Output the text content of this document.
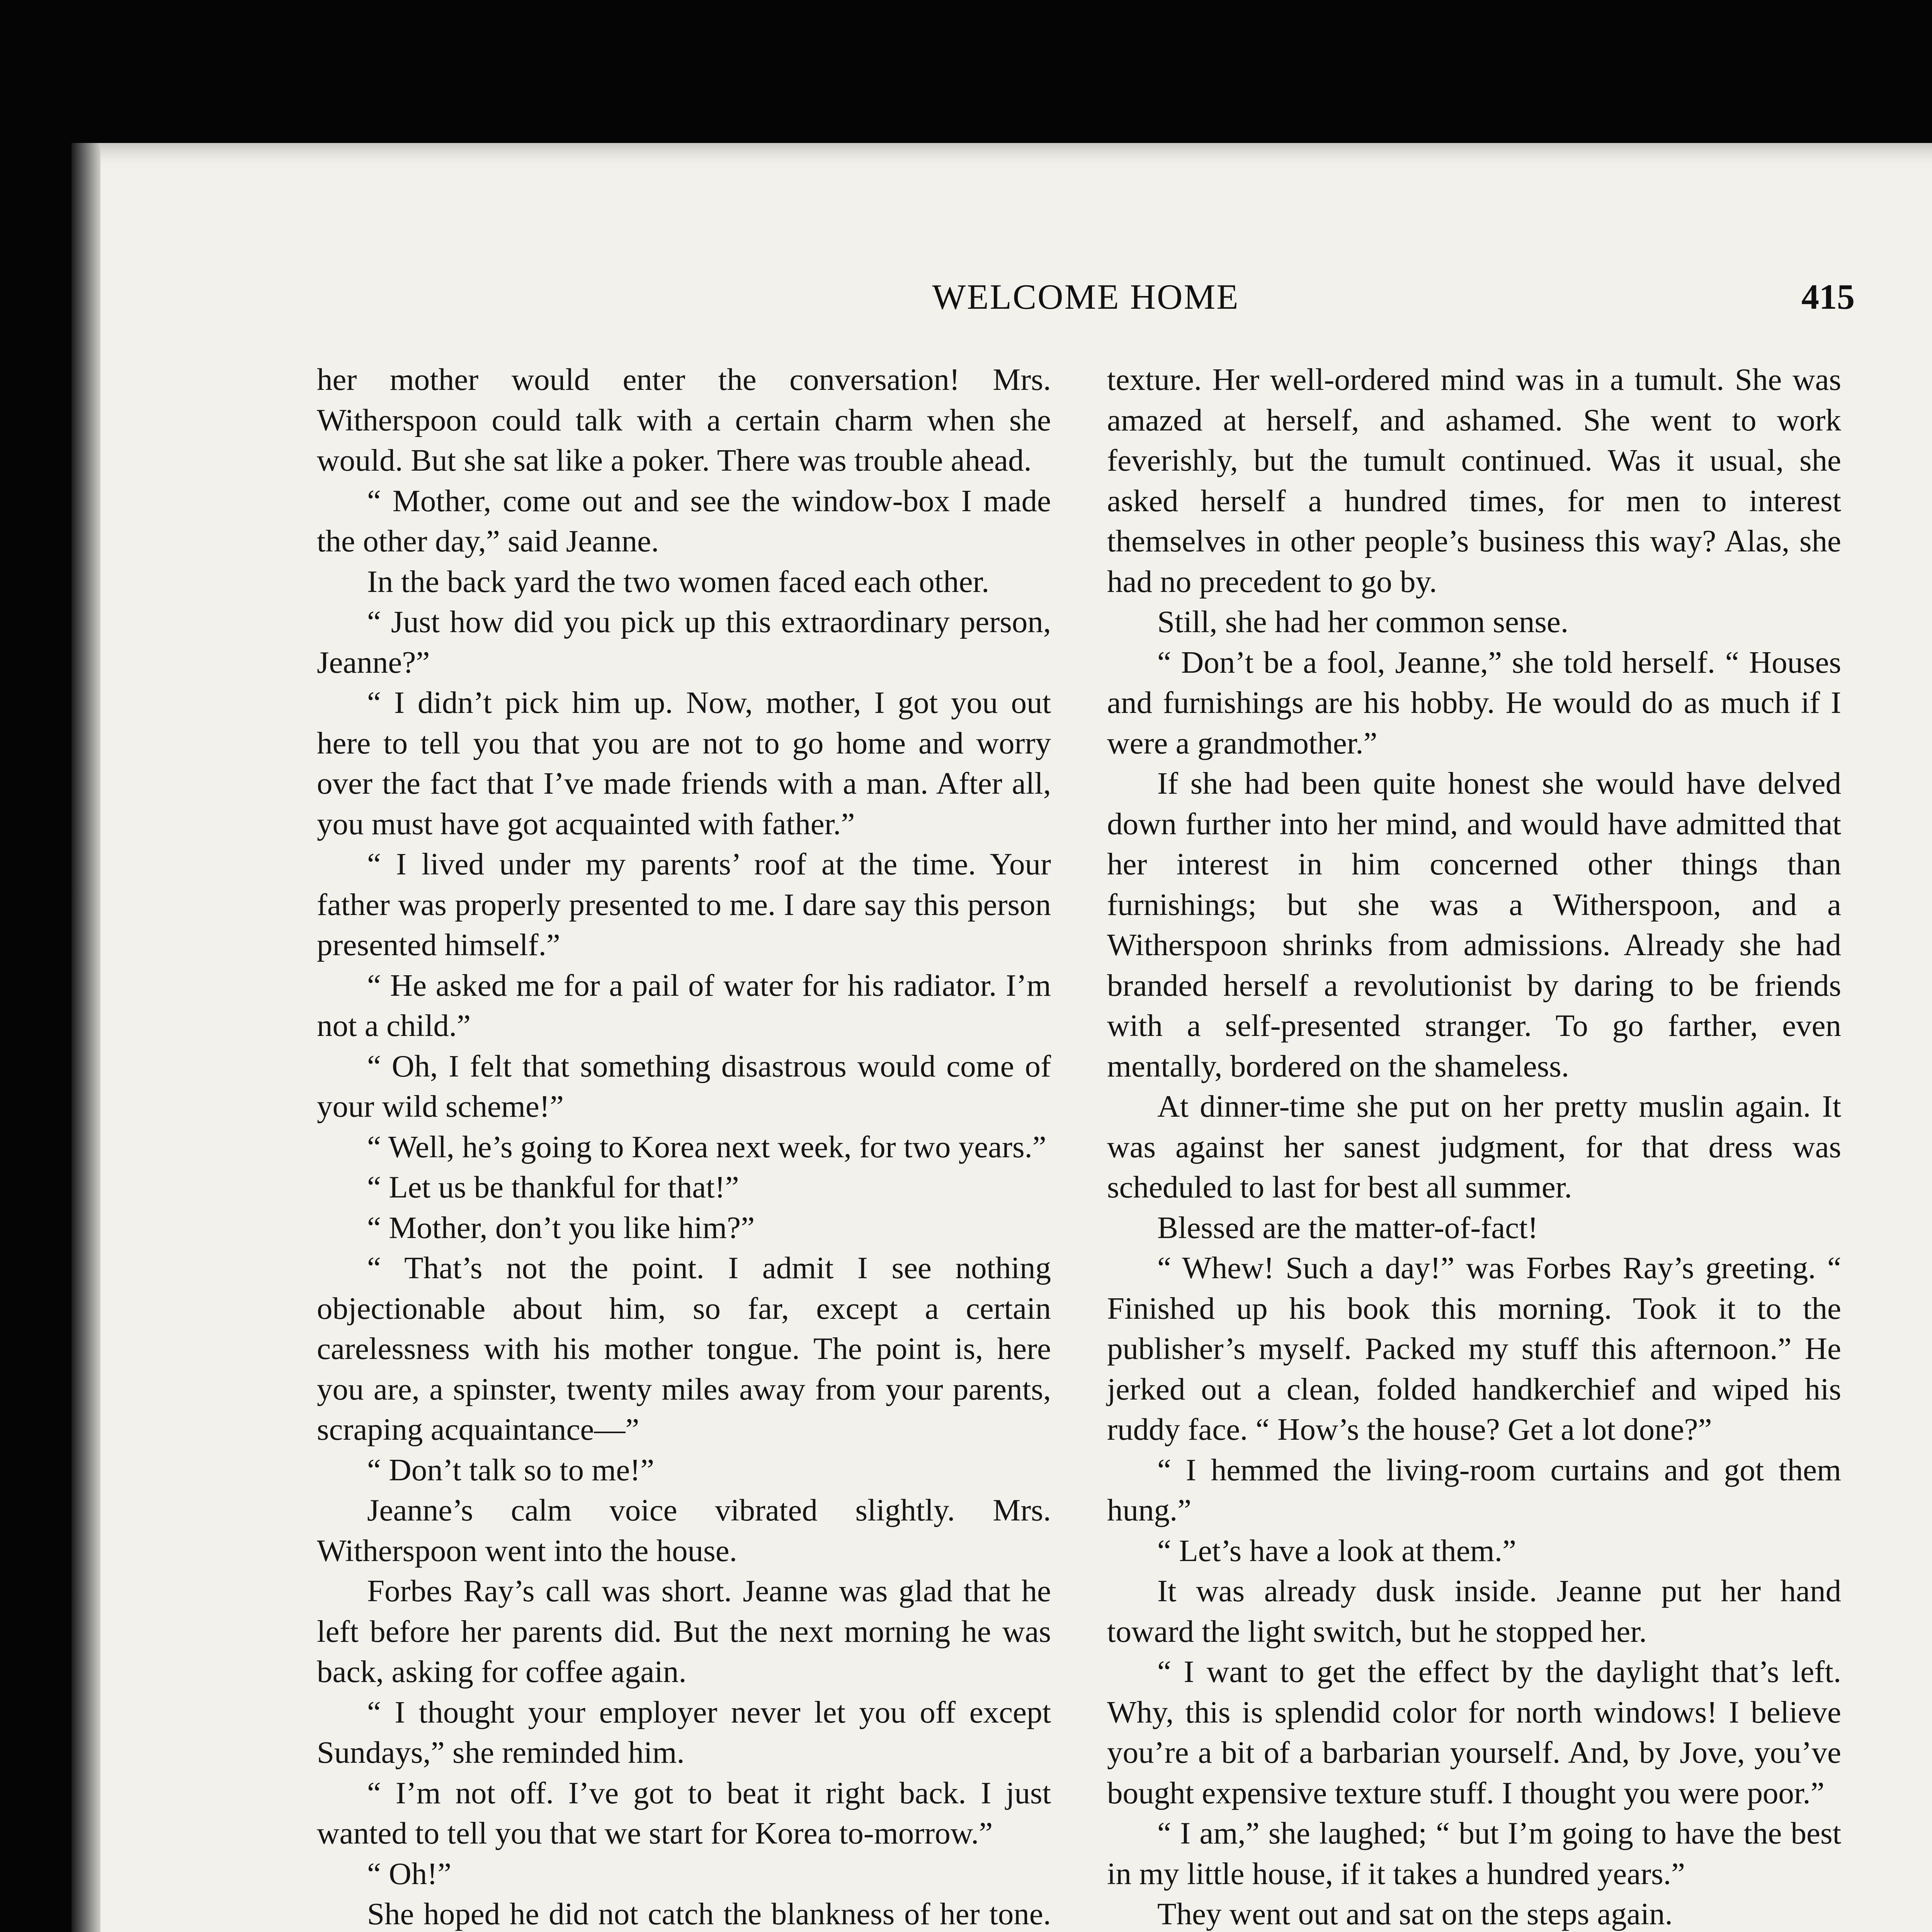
WELCOME HOME	415

her mother would enter the conversation! Mrs. Witherspoon could talk with a certain charm when she would. But she sat like a poker. There was trouble ahead.

“ Mother, come out and see the window-box I made the other day,” said Jeanne.

In the back yard the two women faced each other.

“ Just how did you pick up this extraordinary person, Jeanne?”

“ I didn’t pick him up. Now, mother, I got you out here to tell you that you are not to go home and worry over the fact that I’ve made friends with a man. After all, you must have got acquainted with father.”

“ I lived under my parents’ roof at the time. Your father was properly presented to me. I dare say this person presented himself.”

“ He asked me for a pail of water for his radiator. I’m not a child.”

“ Oh, I felt that something disastrous would come of your wild scheme!”

“ Well, he’s going to Korea next week, for two years.”

“ Let us be thankful for that!”

“ Mother, don’t you like him?”

“ That’s not the point. I admit I see nothing objectionable about him, so far, except a certain carelessness with his mother tongue. The point is, here you are, a spinster, twenty miles away from your parents, scraping acquaintance—”

“ Don’t talk so to me!”

Jeanne’s calm voice vibrated slightly. Mrs. Witherspoon went into the house.

Forbes Ray’s call was short. Jeanne was glad that he left before her parents did. But the next morning he was back, asking for coffee again.

“ I thought your employer never let you off except Sundays,” she reminded him.

“ I’m not off. I’ve got to beat it right back. I just wanted to tell you that we start for Korea to-morrow.”

“ Oh!”

She hoped he did not catch the blankness of her tone.

texture. Her well-ordered mind was in a tumult. She was amazed at herself, and ashamed. She went to work feverishly, but the tumult continued. Was it usual, she asked herself a hundred times, for men to interest themselves in other people’s business this way? Alas, she had no precedent to go by.

Still, she had her common sense.

“ Don’t be a fool, Jeanne,” she told herself. “ Houses and furnishings are his hobby. He would do as much if I were a grandmother.”

If she had been quite honest she would have delved down further into her mind, and would have admitted that her interest in him concerned other things than furnishings; but she was a Witherspoon, and a Witherspoon shrinks from admissions. Already she had branded herself a revolutionist by daring to be friends with a self-presented stranger. To go farther, even mentally, bordered on the shameless.

At dinner-time she put on her pretty muslin again. It was against her sanest judgment, for that dress was scheduled to last for best all summer.

Blessed are the matter-of-fact!

“ Whew! Such a day!” was Forbes Ray’s greeting. “ Finished up his book this morning. Took it to the publisher’s myself. Packed my stuff this afternoon.” He jerked out a clean, folded handkerchief and wiped his ruddy face. “ How’s the house? Get a lot done?”

“ I hemmed the living-room curtains and got them hung.”

“ Let’s have a look at them.”

It was already dusk inside. Jeanne put her hand toward the light switch, but he stopped her.

“ I want to get the effect by the daylight that’s left. Why, this is splendid color for north windows! I believe you’re a bit of a barbarian yourself. And, by Jove, you’ve bought expensive texture stuff. I thought you were poor.”

“ I am,” she laughed; “ but I’m going to have the best in my little house, if it takes a hundred years.”

They went out and sat on the steps again.
